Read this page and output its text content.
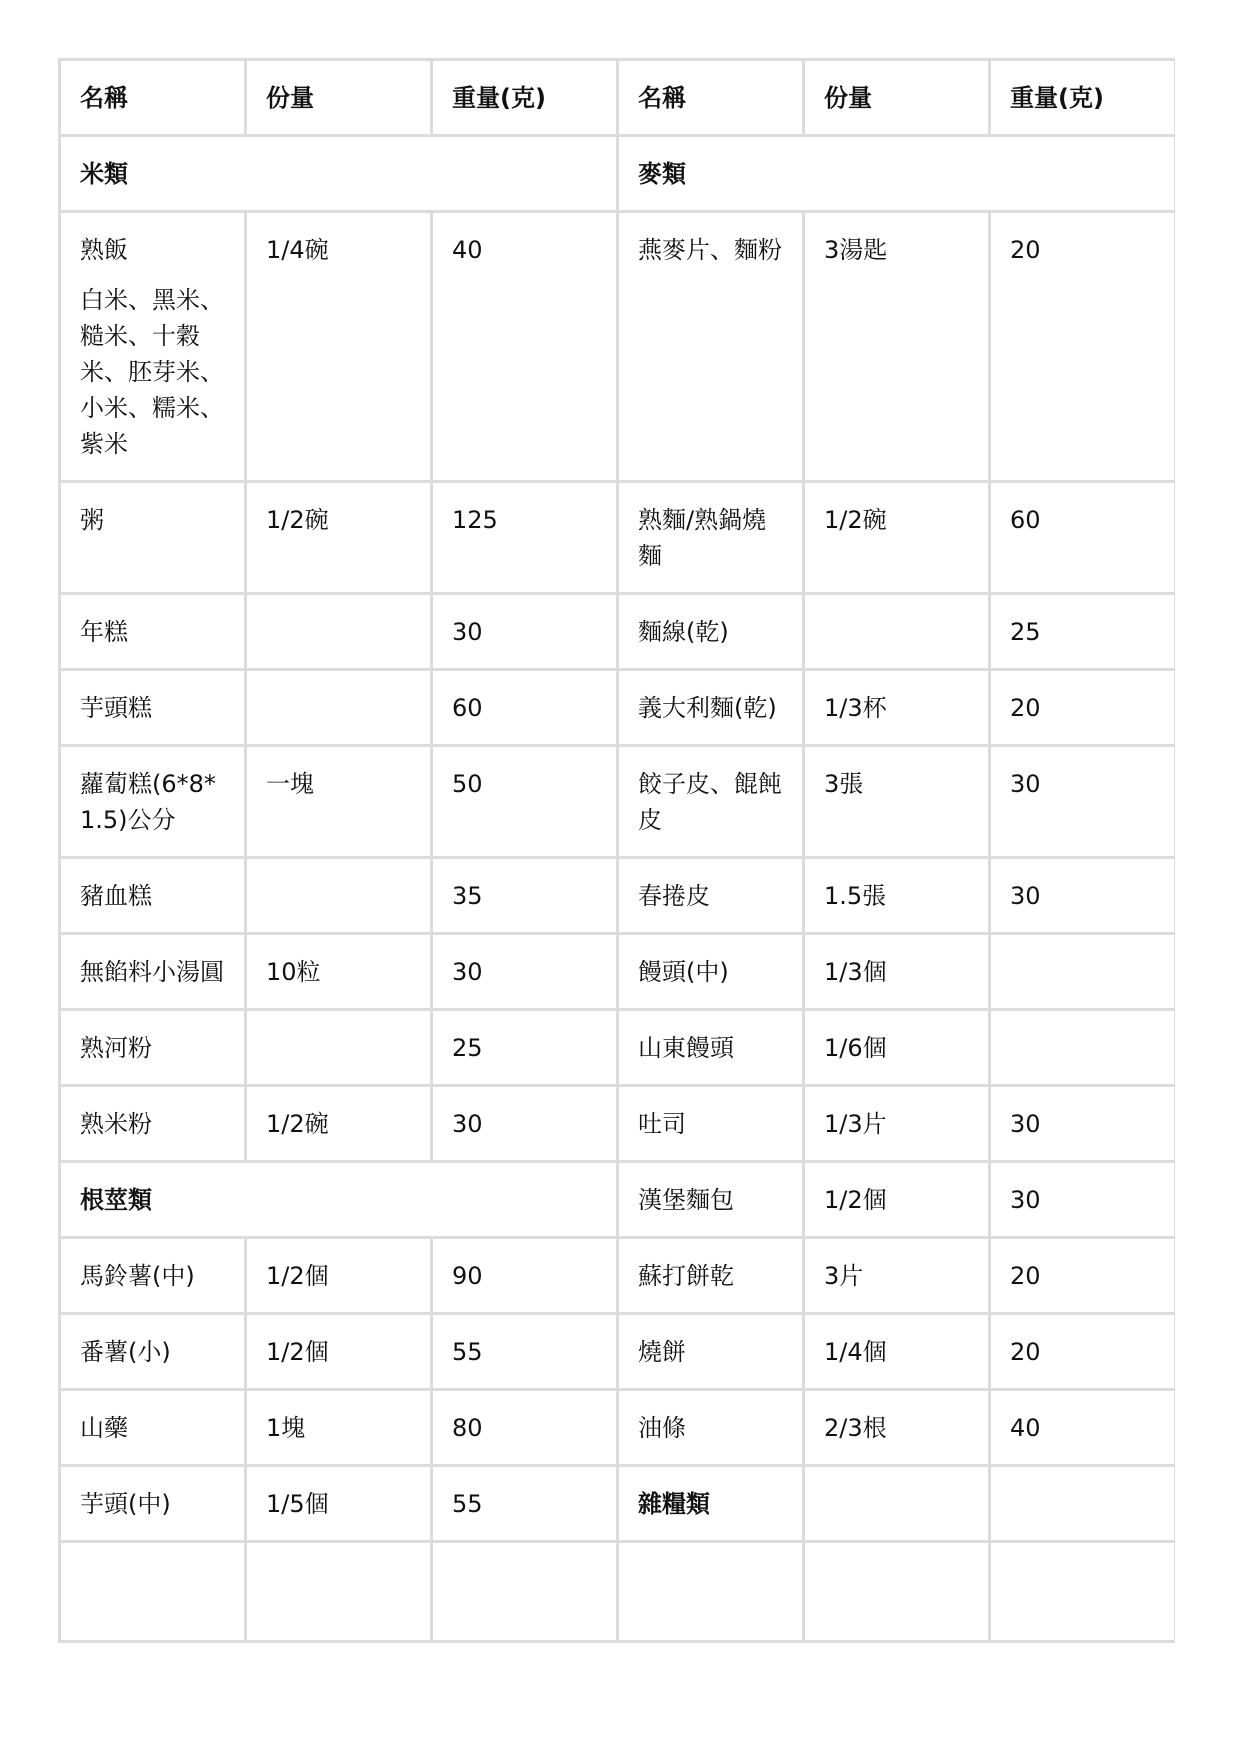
名稱	份量	重量(克)	名稱	份量	重量(克)
米類			麥類		
熟飯
白米、黑米、糙米、十穀米、胚芽米、小米、糯米、紫米	1/4碗	40	燕麥片、麵粉	3湯匙	20
粥	1/2碗	125	熟麵/熟鍋燒麵	1/2碗	60
年糕		30	麵線(乾)		25
芋頭糕		60	義大利麵(乾)	1/3杯	20
蘿蔔糕(6*8*1.5)公分	一塊	50	餃子皮、餛飩皮	3張	30
豬血糕		35	春捲皮	1.5張	30
無餡料小湯圓	10粒	30	饅頭(中)	1/3個	
熟河粉		25	山東饅頭	1/6個	
熟米粉	1/2碗	30	吐司	1/3片	30
根莖類			漢堡麵包	1/2個	30
馬鈴薯(中)	1/2個	90	蘇打餅乾	3片	20
番薯(小)	1/2個	55	燒餅	1/4個	20
山藥	1塊	80	油條	2/3根	40
芋頭(中)	1/5個	55	雜糧類		
